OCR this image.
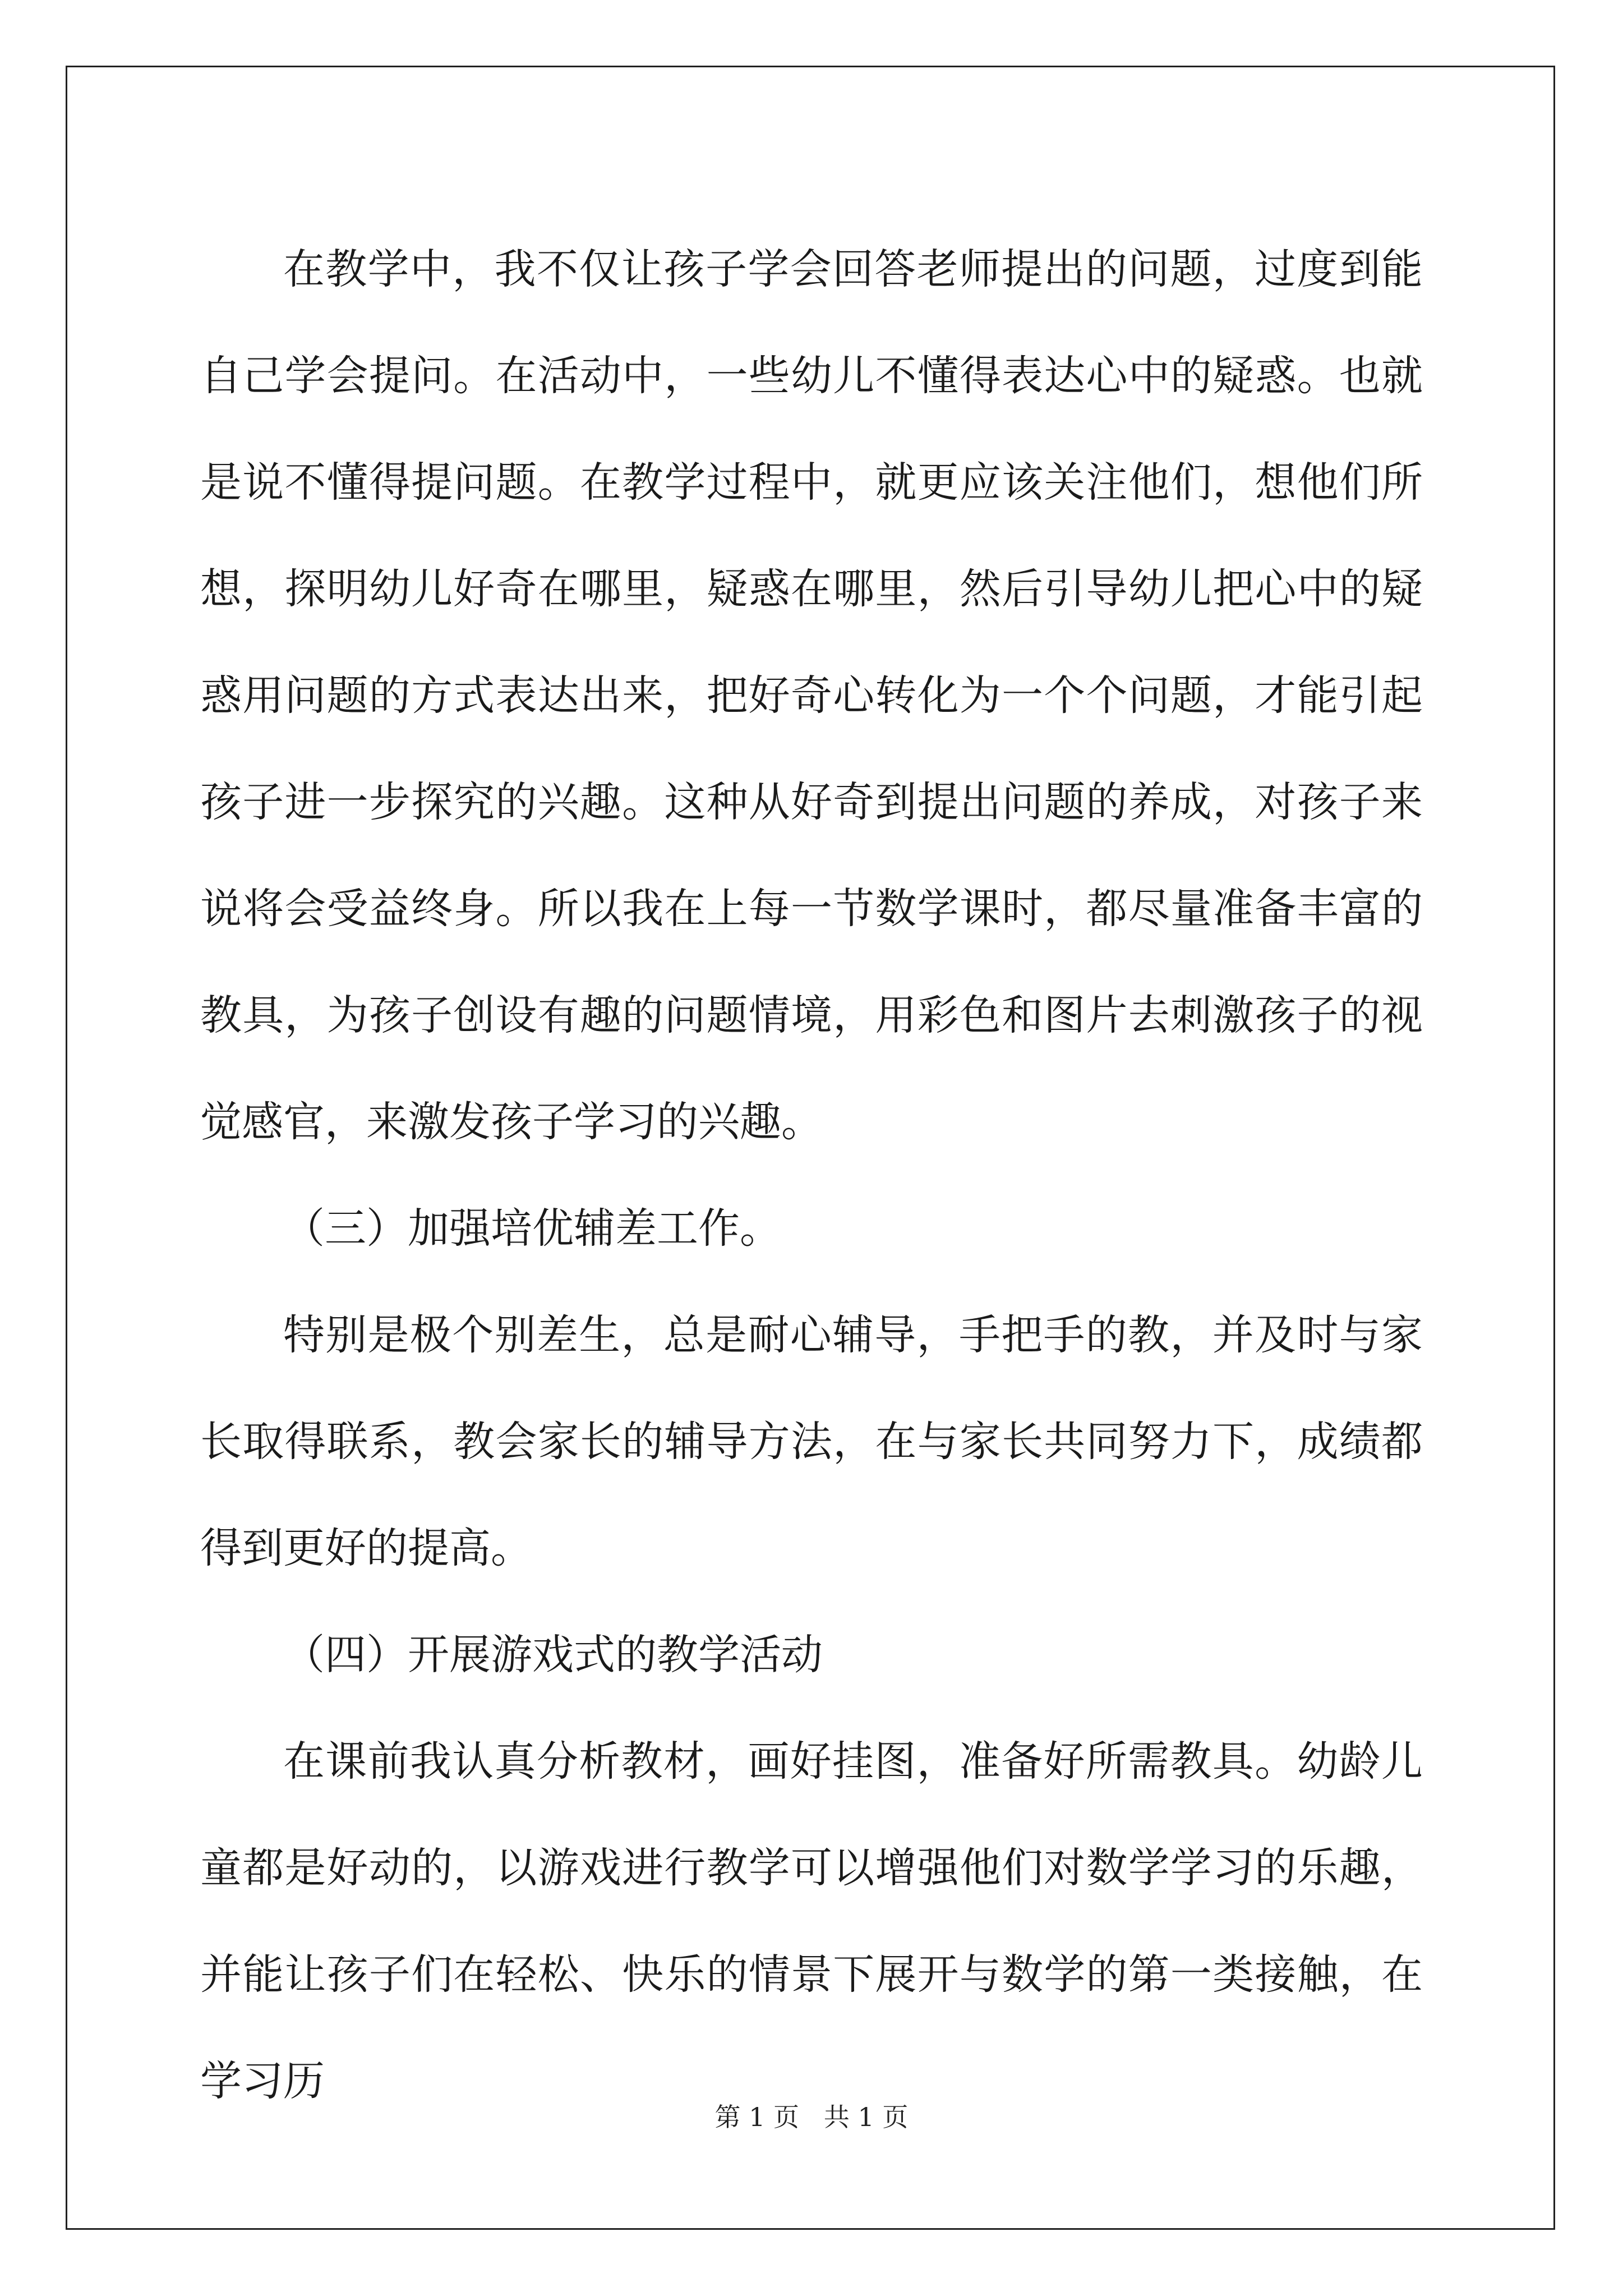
在教学中，我不仅让孩子学会回答老师提出的问题，过度到能自己学会提问。在活动中，一些幼儿不懂得表达心中的疑惑。也就是说不懂得提问题。在教学过程中，就更应该关注他们，想他们所想，探明幼儿好奇在哪里，疑惑在哪里，然后引导幼儿把心中的疑惑用问题的方式表达出来，把好奇心转化为一个个问题，才能引起孩子进一步探究的兴趣。这种从好奇到提出问题的养成，对孩子来说将会受益终身。所以我在上每一节数学课时，都尽量准备丰富的教具，为孩子创设有趣的问题情境，用彩色和图片去刺激孩子的视觉感官，来激发孩子学习的兴趣。

（三）加强培优辅差工作。

特别是极个别差生，总是耐心辅导，手把手的教，并及时与家长取得联系，教会家长的辅导方法，在与家长共同努力下，成绩都得到更好的提高。

（四）开展游戏式的教学活动

在课前我认真分析教材，画好挂图，准备好所需教具。幼龄儿童都是好动的，以游戏进行教学可以增强他们对数学学习的乐趣，并能让孩子们在轻松、快乐的情景下展开与数学的第一类接触，在学习历

第 1 页   共 1 页
